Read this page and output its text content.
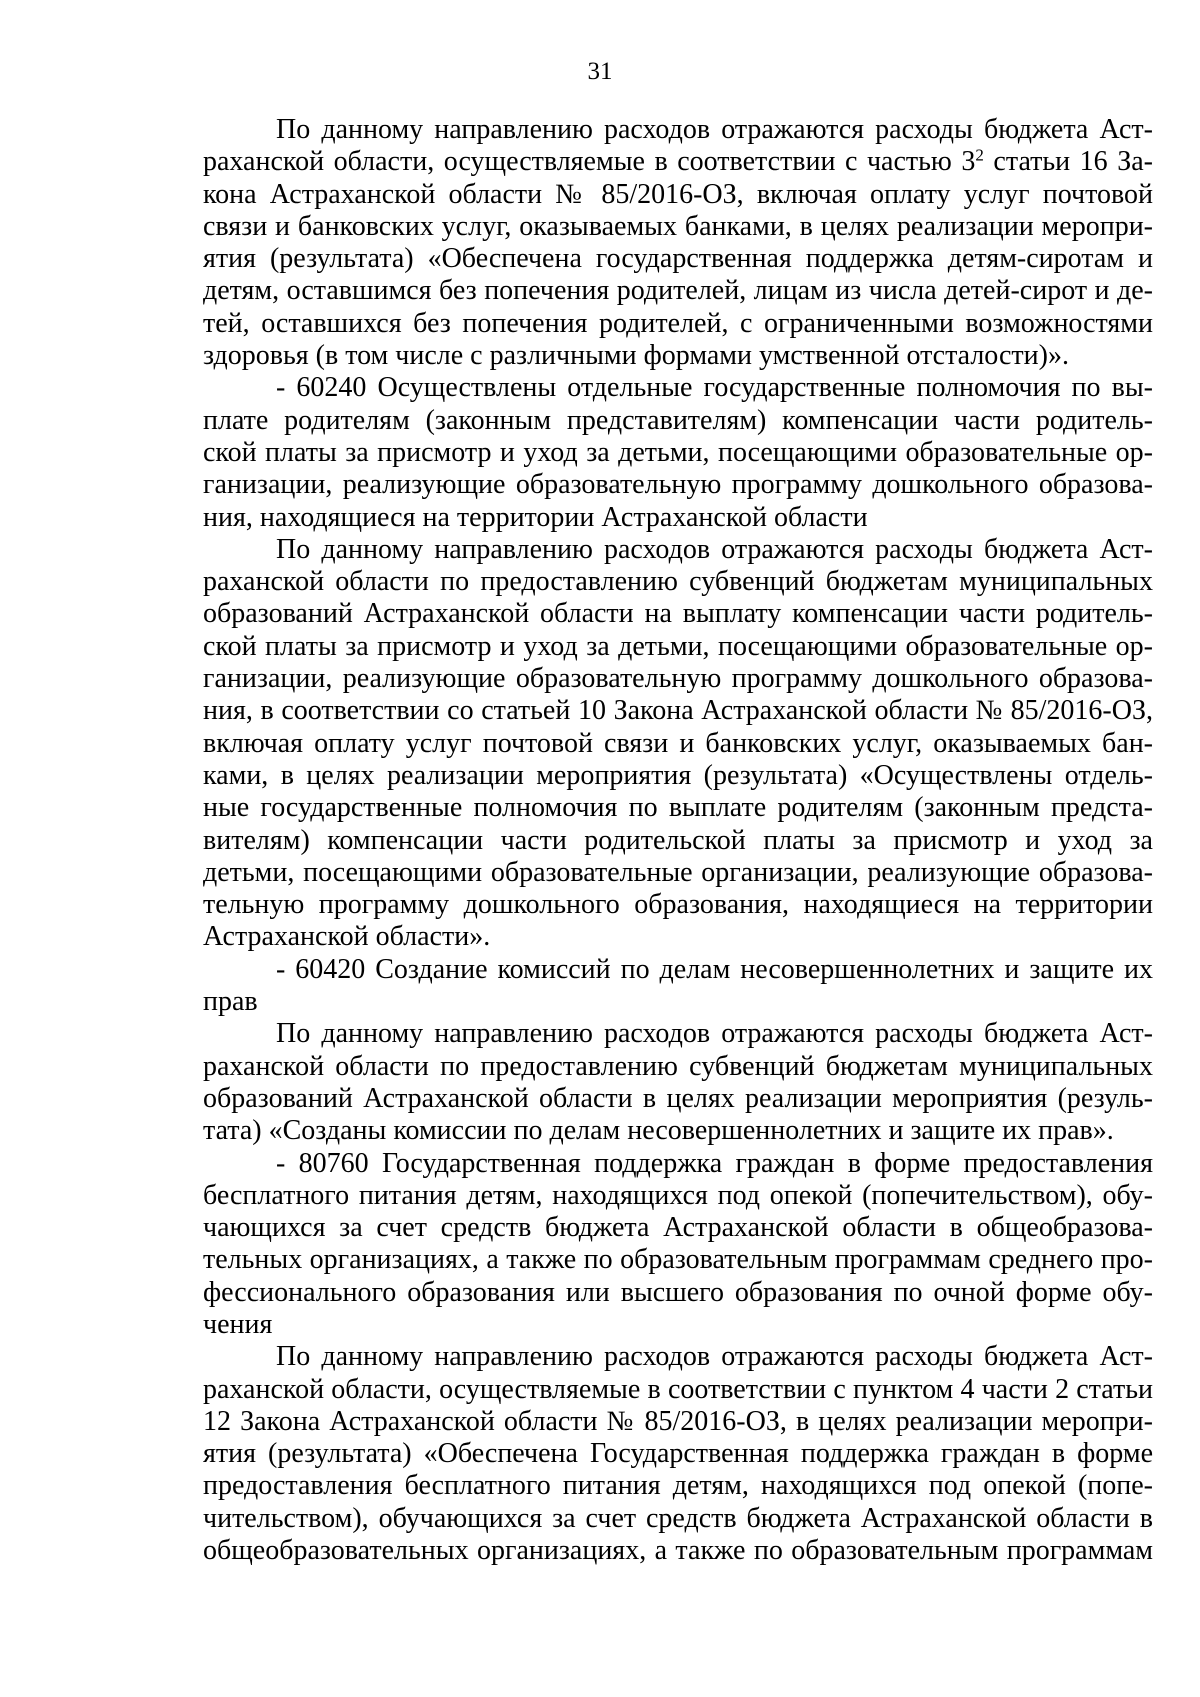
31
По данному направлению расходов отражаются расходы бюджета Аст-
раханской области, осуществляемые в соответствии с частью $3^2$ статьи 16 За-
кона Астраханской области № 85/2016-ОЗ, включая оплату услуг почтовой
связи и банковских услуг, оказываемых банками, в целях реализации меропри-
ятия (результата) «Обеспечена государственная поддержка детям-сиротам и
детям, оставшимся без попечения родителей, лицам из числа детей-сирот и де-
тей, оставшихся без попечения родителей, с ограниченными возможностями
здоровья (в том числе с различными формами умственной отсталости)».
- 60240 Осуществлены отдельные государственные полномочия по вы-
плате родителям (законным представителям) компенсации части родитель-
ской платы за присмотр и уход за детьми, посещающими образовательные ор-
ганизации, реализующие образовательную программу дошкольного образова-
ния, находящиеся на территории Астраханской области
По данному направлению расходов отражаются расходы бюджета Аст-
раханской области по предоставлению субвенций бюджетам муниципальных
образований Астраханской области на выплату компенсации части родитель-
ской платы за присмотр и уход за детьми, посещающими образовательные ор-
ганизации, реализующие образовательную программу дошкольного образова-
ния, в соответствии со статьей 10 Закона Астраханской области № 85/2016-ОЗ,
включая оплату услуг почтовой связи и банковских услуг, оказываемых бан-
ками, в целях реализации мероприятия (результата) «Осуществлены отдель-
ные государственные полномочия по выплате родителям (законным предста-
вителям) компенсации части родительской платы за присмотр и уход за
детьми, посещающими образовательные организации, реализующие образова-
тельную программу дошкольного образования, находящиеся на территории
Астраханской области».
- 60420 Создание комиссий по делам несовершеннолетних и защите их
прав
По данному направлению расходов отражаются расходы бюджета Аст-
раханской области по предоставлению субвенций бюджетам муниципальных
образований Астраханской области в целях реализации мероприятия (резуль-
тата) «Созданы комиссии по делам несовершеннолетних и защите их прав».
- 80760 Государственная поддержка граждан в форме предоставления
бесплатного питания детям, находящихся под опекой (попечительством), обу-
чающихся за счет средств бюджета Астраханской области в общеобразова-
тельных организациях, а также по образовательным программам среднего про-
фессионального образования или высшего образования по очной форме обу-
чения
По данному направлению расходов отражаются расходы бюджета Аст-
раханской области, осуществляемые в соответствии с пунктом 4 части 2 статьи
12 Закона Астраханской области № 85/2016-ОЗ, в целях реализации меропри-
ятия (результата) «Обеспечена Государственная поддержка граждан в форме
предоставления бесплатного питания детям, находящихся под опекой (попе-
чительством), обучающихся за счет средств бюджета Астраханской области в
общеобразовательных организациях, а также по образовательным программам
